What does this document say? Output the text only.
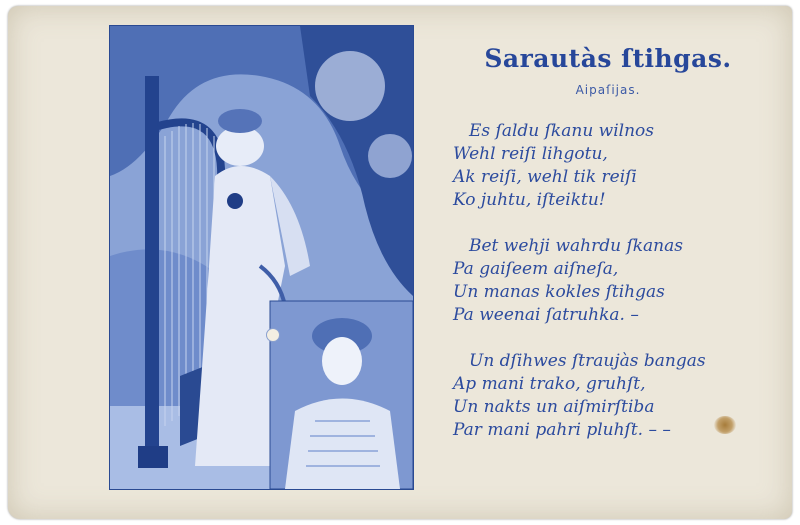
Sarautàs ſtihgas.
Aipaſijas.
Es ſaldu ſkanu wilnos
Wehl reiſi lihgotu,
Ak reiſi, wehl tik reiſi
Ko juhtu, iſteiktu!
Bet wehji wahrdu ſkanas
Pa gaiſeem aiſneſa,
Un manas kokles ſtihgas
Pa weenai ſatruhka. –
Un dſihwes ſtraujàs bangas
Ap mani trako, gruhſt,
Un nakts un aiſmirſtiba
Par mani pahri pluhſt. – –
